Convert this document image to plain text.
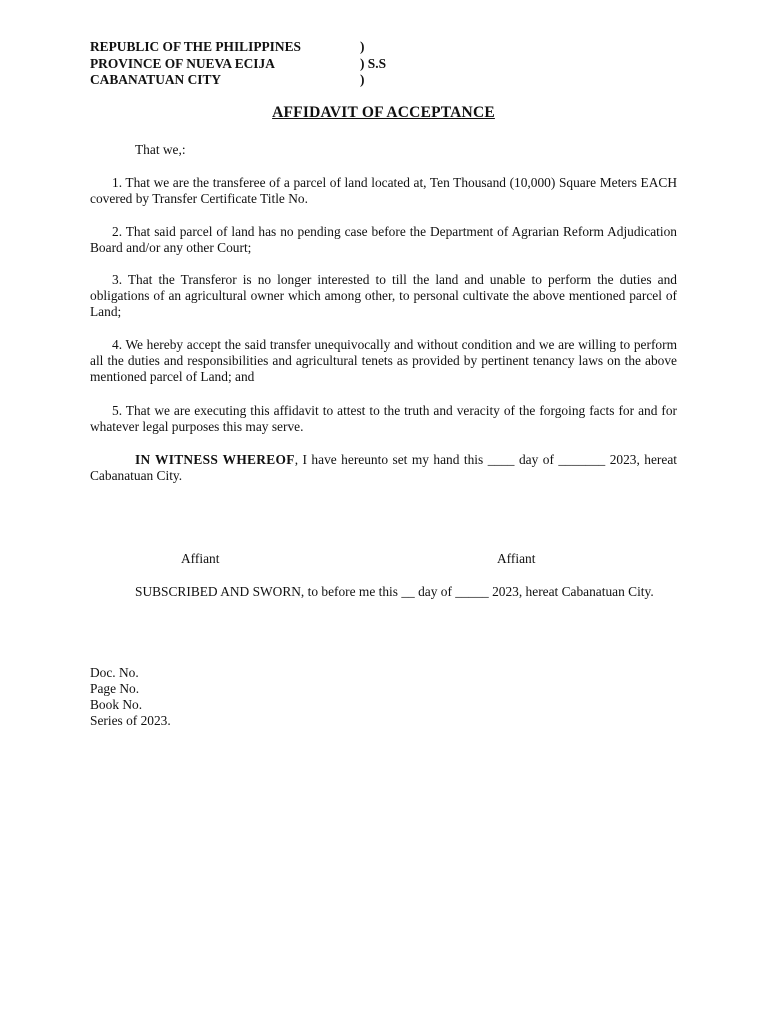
REPUBLIC OF THE PHILIPPINES	)
PROVINCE OF NUEVA ECIJA	) S.S
CABANATUAN CITY	)
AFFIDAVIT OF ACCEPTANCE
That we,:

1. That we are the transferee of a parcel of land located at, Ten Thousand (10,000) Square Meters EACH covered by Transfer Certificate Title No.

2. That said parcel of land has no pending case before the Department of Agrarian Reform Adjudication Board and/or any other Court;

3. That the Transferor is no longer interested to till the land and unable to perform the duties and obligations of an agricultural owner which among other, to personal cultivate the above mentioned parcel of Land;

4. We hereby accept the said transfer unequivocally and without condition and we are willing to perform all the duties and responsibilities and agricultural tenets as provided by pertinent tenancy laws on the above mentioned parcel of Land; and

5. That we are executing this affidavit to attest to the truth and veracity of the forgoing facts for and for whatever legal purposes this may serve.

IN WITNESS WHEREOF, I have hereunto set my hand this ____ day of _______ 2023, hereat Cabanatuan City.

Affiant	Affiant

SUBSCRIBED AND SWORN, to before me this __ day of _____ 2023, hereat Cabanatuan City.

Doc. No.
Page No.
Book No.
Series of 2023.
